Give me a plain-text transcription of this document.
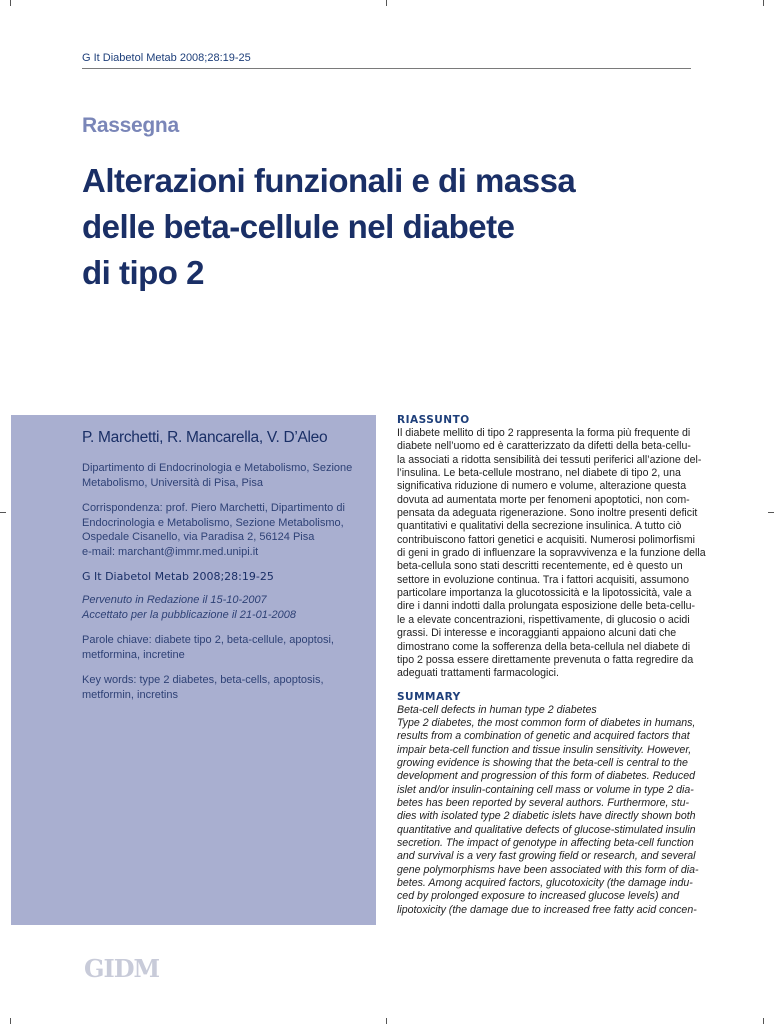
G It Diabetol Metab 2008;28:19-25
Rassegna
Alterazioni funzionali e di massa
delle beta-cellule nel diabete
di tipo 2

P. Marchetti, R. Mancarella, V. D’Aleo

Dipartimento di Endocrinologia e Metabolismo, Sezione
Metabolismo, Università di Pisa, Pisa

Corrispondenza: prof. Piero Marchetti, Dipartimento di
Endocrinologia e Metabolismo, Sezione Metabolismo,
Ospedale Cisanello, via Paradisa 2, 56124 Pisa
e-mail: marchant@immr.med.unipi.it

G It Diabetol Metab 2008;28:19-25

Pervenuto in Redazione il 15-10-2007
Accettato per la pubblicazione il 21-01-2008

Parole chiave: diabete tipo 2, beta-cellule, apoptosi,
metformina, incretine

Key words: type 2 diabetes, beta-cells, apoptosis,
metformin, incretins

RIASSUNTO

Il diabete mellito di tipo 2 rappresenta la forma più frequente di
diabete nell’uomo ed è caratterizzato da difetti della beta-cellu-
la associati a ridotta sensibilità dei tessuti periferici all’azione del-
l’insulina. Le beta-cellule mostrano, nel diabete di tipo 2, una
significativa riduzione di numero e volume, alterazione questa
dovuta ad aumentata morte per fenomeni apoptotici, non com-
pensata da adeguata rigenerazione. Sono inoltre presenti deficit
quantitativi e qualitativi della secrezione insulinica. A tutto ciò
contribuiscono fattori genetici e acquisiti. Numerosi polimorfismi
di geni in grado di influenzare la sopravvivenza e la funzione della
beta-cellula sono stati descritti recentemente, ed è questo un
settore in evoluzione continua. Tra i fattori acquisiti, assumono
particolare importanza la glucotossicità e la lipotossicità, vale a
dire i danni indotti dalla prolungata esposizione delle beta-cellu-
le a elevate concentrazioni, rispettivamente, di glucosio o acidi
grassi. Di interesse e incoraggianti appaiono alcuni dati che
dimostrano come la sofferenza della beta-cellula nel diabete di
tipo 2 possa essere direttamente prevenuta o fatta regredire da
adeguati trattamenti farmacologici.

SUMMARY

Beta-cell defects in human type 2 diabetes

Type 2 diabetes, the most common form of diabetes in humans,
results from a combination of genetic and acquired factors that
impair beta-cell function and tissue insulin sensitivity. However,
growing evidence is showing that the beta-cell is central to the
development and progression of this form of diabetes. Reduced
islet and/or insulin-containing cell mass or volume in type 2 dia-
betes has been reported by several authors. Furthermore, stu-
dies with isolated type 2 diabetic islets have directly shown both
quantitative and qualitative defects of glucose-stimulated insulin
secretion. The impact of genotype in affecting beta-cell function
and survival is a very fast growing field or research, and several
gene polymorphisms have been associated with this form of dia-
betes. Among acquired factors, glucotoxicity (the damage indu-
ced by prolonged exposure to increased glucose levels) and
lipotoxicity (the damage due to increased free fatty acid concen-

GIDM
